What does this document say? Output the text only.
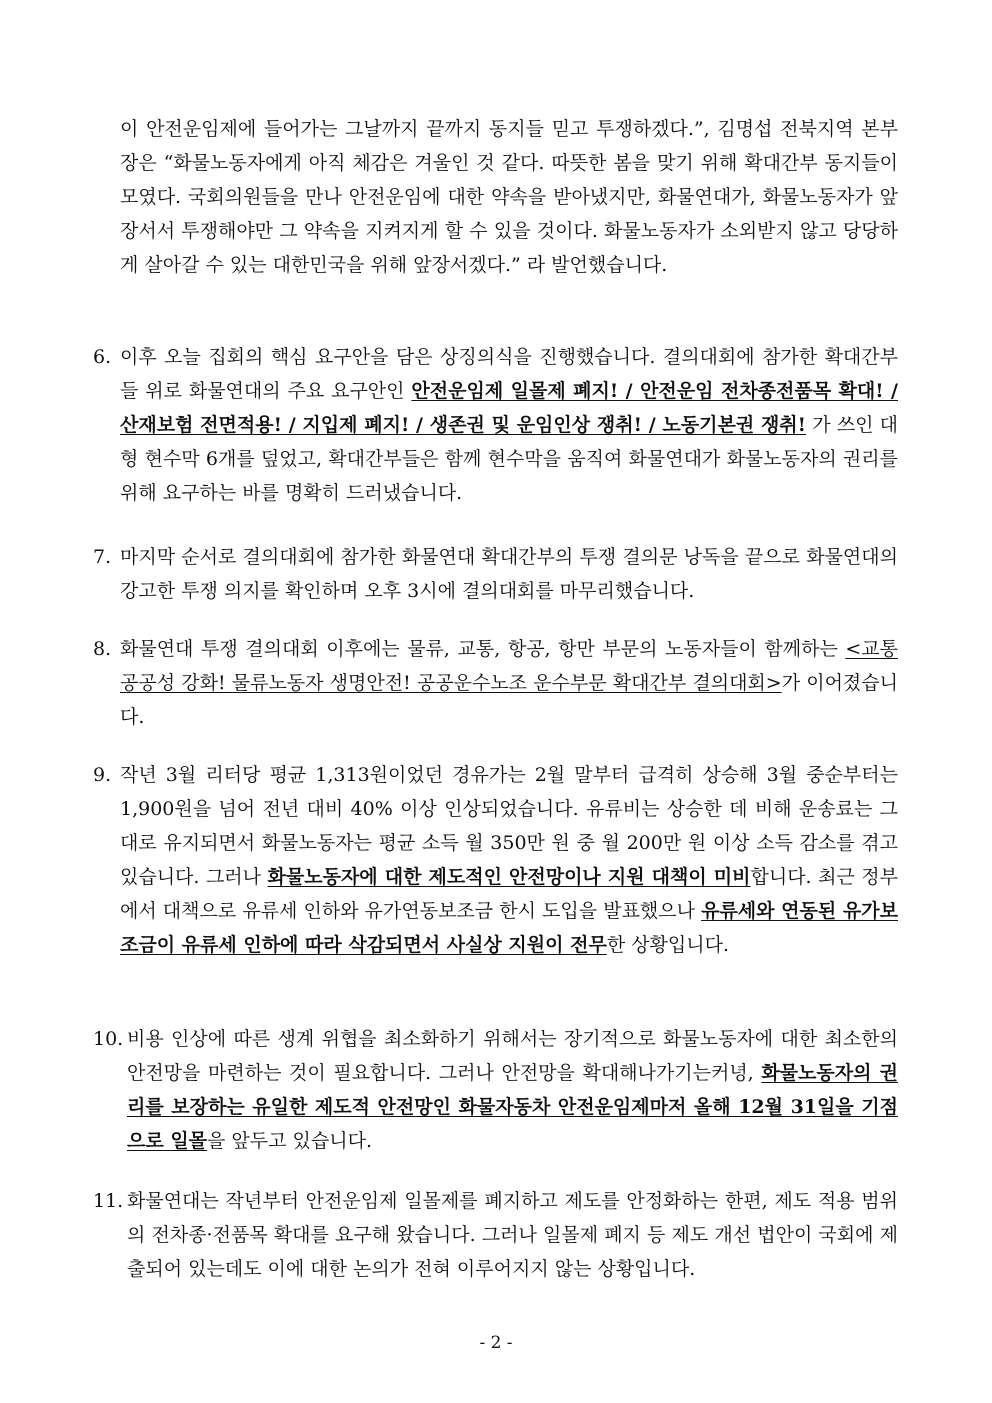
이 안전운임제에 들어가는 그날까지 끝까지 동지들 믿고 투쟁하겠다.”, 김명섭 전북지역 본부장은 “화물노동자에게 아직 체감은 겨울인 것 같다. 따뜻한 봄을 맞기 위해 확대간부 동지들이 모였다. 국회의원들을 만나 안전운임에 대한 약속을 받아냈지만, 화물연대가, 화물노동자가 앞장서서 투쟁해야만 그 약속을 지켜지게 할 수 있을 것이다. 화물노동자가 소외받지 않고 당당하게 살아갈 수 있는 대한민국을 위해 앞장서겠다.” 라 발언했습니다.
6. 이후 오늘 집회의 핵심 요구안을 담은 상징의식을 진행했습니다. 결의대회에 참가한 확대간부들 위로 화물연대의 주요 요구안인 안전운임제 일몰제 폐지! / 안전운임 전차종전품목 확대! / 산재보험 전면적용! / 지입제 폐지! / 생존권 및 운임인상 쟁취! / 노동기본권 쟁취! 가 쓰인 대형 현수막 6개를 덮었고, 확대간부들은 함께 현수막을 움직여 화물연대가 화물노동자의 권리를 위해 요구하는 바를 명확히 드러냈습니다.
7. 마지막 순서로 결의대회에 참가한 화물연대 확대간부의 투쟁 결의문 낭독을 끝으로 화물연대의 강고한 투쟁 의지를 확인하며 오후 3시에 결의대회를 마무리했습니다.
8. 화물연대 투쟁 결의대회 이후에는 물류, 교통, 항공, 항만 부문의 노동자들이 함께하는 <교통공공성 강화! 물류노동자 생명안전! 공공운수노조 운수부문 확대간부 결의대회>가 이어졌습니다.
9. 작년 3월 리터당 평균 1,313원이었던 경유가는 2월 말부터 급격히 상승해 3월 중순부터는 1,900원을 넘어 전년 대비 40% 이상 인상되었습니다. 유류비는 상승한 데 비해 운송료는 그대로 유지되면서 화물노동자는 평균 소득 월 350만 원 중 월 200만 원 이상 소득 감소를 겪고 있습니다. 그러나 화물노동자에 대한 제도적인 안전망이나 지원 대책이 미비합니다. 최근 정부에서 대책으로 유류세 인하와 유가연동보조금 한시 도입을 발표했으나 유류세와 연동된 유가보조금이 유류세 인하에 따라 삭감되면서 사실상 지원이 전무한 상황입니다.
10. 비용 인상에 따른 생계 위협을 최소화하기 위해서는 장기적으로 화물노동자에 대한 최소한의 안전망을 마련하는 것이 필요합니다. 그러나 안전망을 확대해나가기는커녕, 화물노동자의 권리를 보장하는 유일한 제도적 안전망인 화물자동차 안전운임제마저 올해 12월 31일을 기점으로 일몰을 앞두고 있습니다.
11. 화물연대는 작년부터 안전운임제 일몰제를 폐지하고 제도를 안정화하는 한편, 제도 적용 범위의 전차종·전품목 확대를 요구해 왔습니다. 그러나 일몰제 폐지 등 제도 개선 법안이 국회에 제출되어 있는데도 이에 대한 논의가 전혀 이루어지지 않는 상황입니다.
- 2 -
